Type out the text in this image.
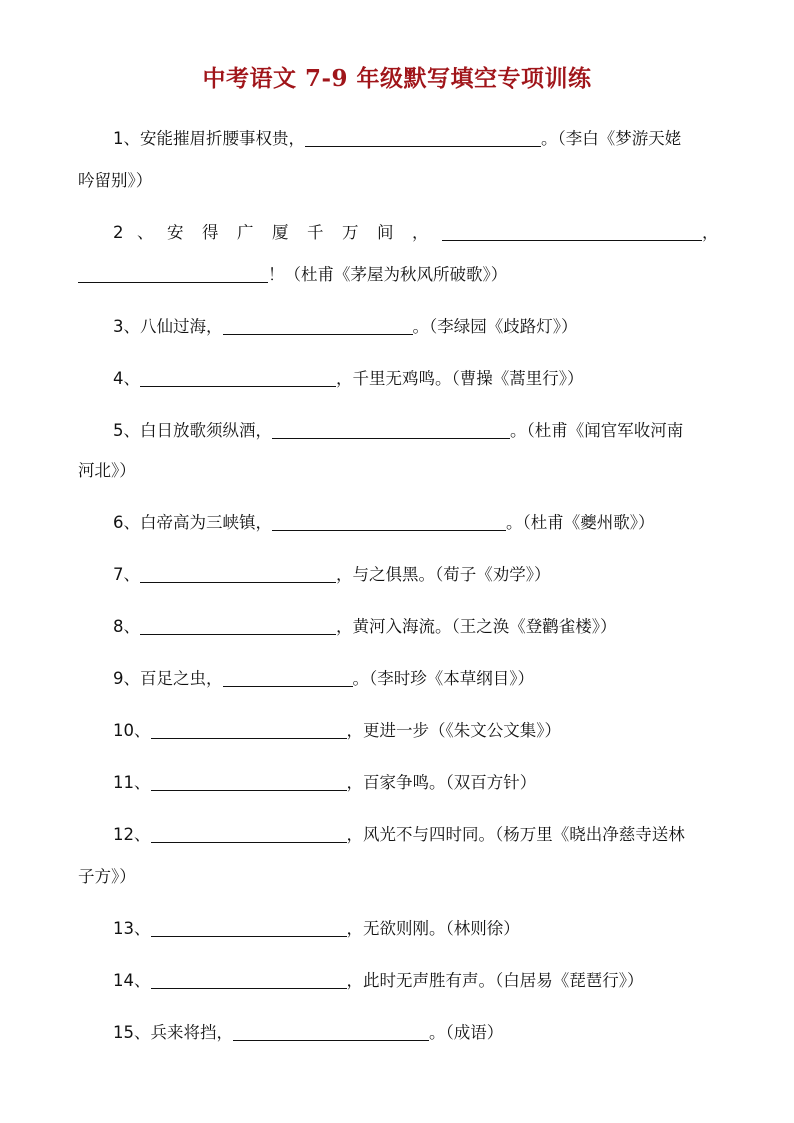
中考语文 7-9 年级默写填空专项训练
1、安能摧眉折腰事权贵，	。（李白《梦游天姥
吟留别》）
2 、 安 得 广 厦 千 万 间 ，	，
！（杜甫《茅屋为秋风所破歌》）
3、八仙过海，	。（李绿园《歧路灯》）
4、	，千里无鸡鸣。（曹操《蒿里行》）
5、白日放歌须纵酒，	。（杜甫《闻官军收河南
河北》）
6、白帝高为三峡镇，	。（杜甫《夔州歌》）
7、	，与之俱黑。（荀子《劝学》）
8、	，黄河入海流。（王之涣《登鹳雀楼》）
9、百足之虫，	。（李时珍《本草纲目》）
10、	，更进一步（《朱文公文集》）
11、	，百家争鸣。（双百方针）
12、	，风光不与四时同。（杨万里《晓出净慈寺送林
子方》）
13、	，无欲则刚。（林则徐）
14、	，此时无声胜有声。（白居易《琵琶行》）
15、兵来将挡，	。（成语）
